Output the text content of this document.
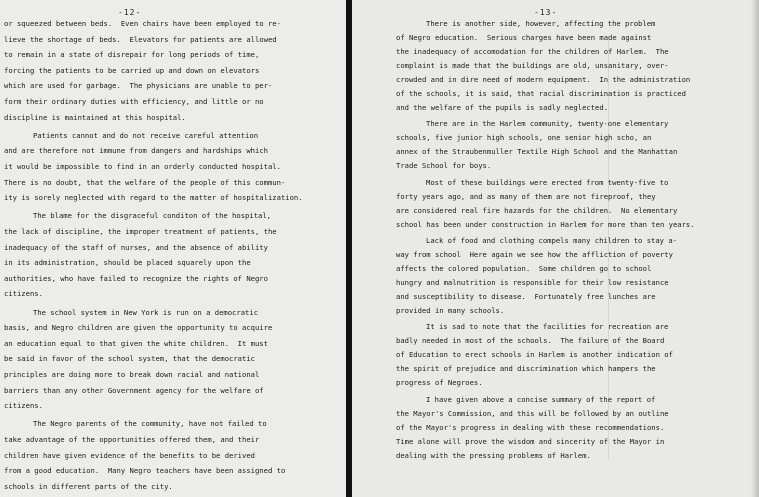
-12-
or squeezed between beds.  Even chairs have been employed to re-
lieve the shortage of beds.  Elevators for patients are allowed
to remain in a state of disrepair for long periods of time,
forcing the patients to be carried up and down on elevators
which are used for garbage.  The physicians are unable to per-
form their ordinary duties with efficiency, and little or no
discipline is maintained at this hospital.
Patients cannot and do not receive careful attention
and are therefore not immune from dangers and hardships which
it would be impossible to find in an orderly conducted hospital.
There is no doubt, that the welfare of the people of this commun-
ity is sorely neglected with regard to the matter of hospitalization.
The blame for the disgraceful conditon of the hospital,
the lack of discipline, the improper treatment of patients, the
inadequacy of the staff of nurses, and the absence of ability
in its administration, should be placed squarely upon the
authorities, who have failed to recognize the rights of Negro
citizens.
The school system in New York is run on a democratic
basis, and Negro children are given the opportunity to acquire
an education equal to that given the white children.  It must
be said in favor of the school system, that the democratic
principles are doing more to break down racial and national
barriers than any other Government agency for the welfare of
citizens.
The Negro parents of the community, have not failed to
take advantage of the opportunities offered them, and their
children have given evidence of the benefits to be derived
from a good education.  Many Negro teachers have been assigned to
schools in different parts of the city.
-13-
There is another side, however, affecting the problem
of Negro education.  Serious charges have been made against
the inadequacy of accomodation for the children of Harlem.  The
complaint is made that the buildings are old, unsanitary, over-
crowded and in dire need of modern equipment.  In the administration
of the schools, it is said, that racial discrimination is practiced
and the welfare of the pupils is sadly neglected.
There are in the Harlem community, twenty-one elementary
schools, five junior high schools, one senior high scho, an
annex of the Straubenmuller Textile High School and the Manhattan
Trade School for boys.
Most of these buildings were erected from twenty-five to
forty years ago, and as many of them are not fireproof, they
are considered real fire hazards for the children.  No elementary
school has been under construction in Harlem for more than ten years.
Lack of food and clothing compels many children to stay a-
way from school  Here again we see how the affliction of poverty
affects the colored population.  Some children go to school
hungry and malnutrition is responsible for their low resistance
and susceptibility to disease.  Fortunately free lunches are
provided in many schools.
It is sad to note that the facilities for recreation are
badly needed in most of the schools.  The failure of the Board
of Education to erect schools in Harlem is another indication of
the spirit of prejudice and discrimination which hampers the
progress of Negroes.
I have given above a concise summary of the report of
the Mayor's Commission, and this will be followed by an outline
of the Mayor's progress in dealing with these recommendations.
Time alone will prove the wisdom and sincerity of the Mayor in
dealing with the pressing problems of Harlem.
